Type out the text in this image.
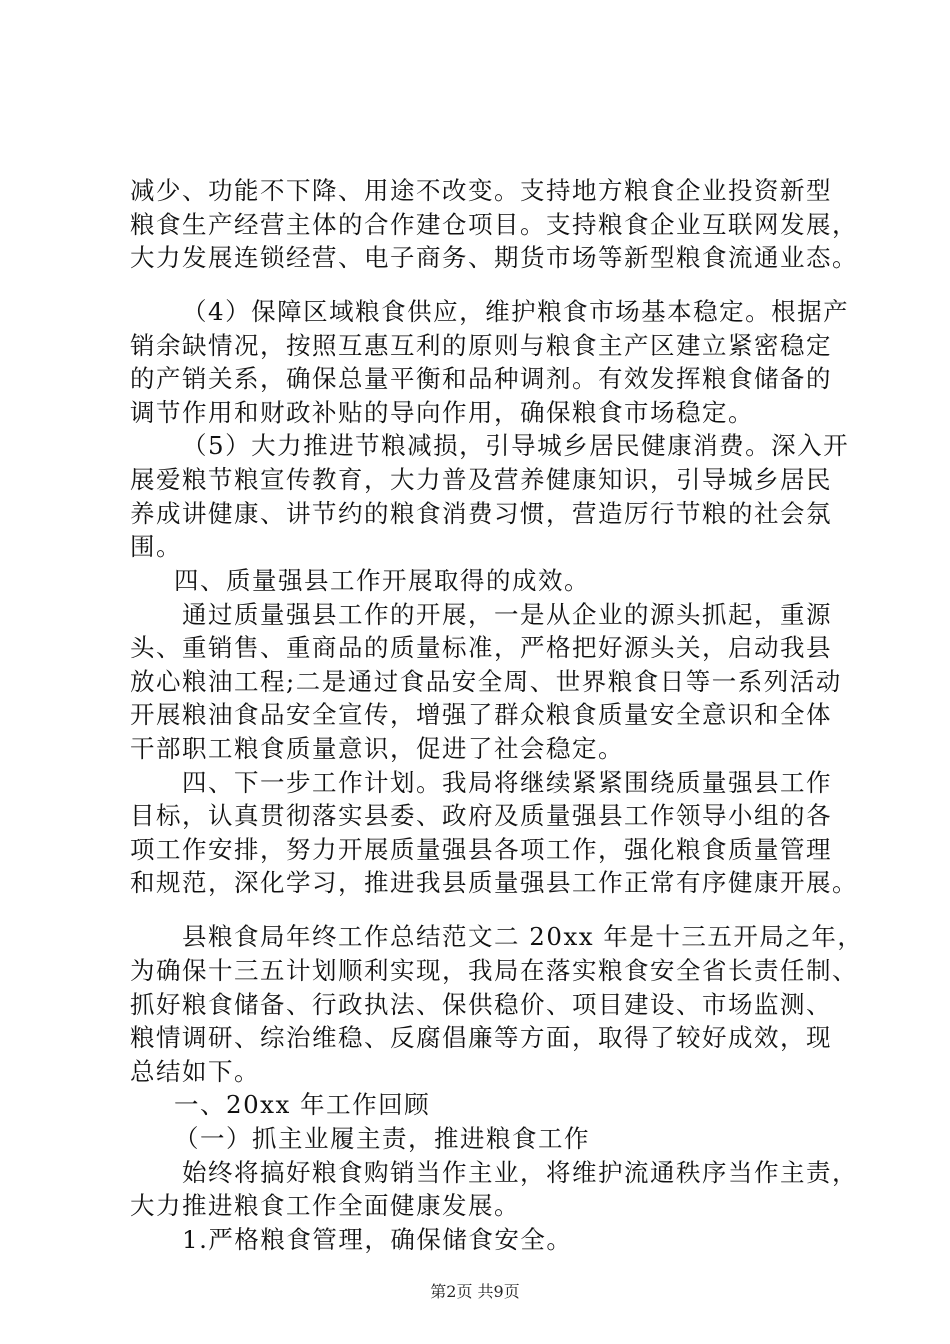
减少、功能不下降、用途不改变。支持地方粮食企业投资新型
粮食生产经营主体的合作建仓项目。支持粮食企业互联网发展，
大力发展连锁经营、电子商务、期货市场等新型粮食流通业态。
（4）保障区域粮食供应，维护粮食市场基本稳定。根据产
销余缺情况，按照互惠互利的原则与粮食主产区建立紧密稳定
的产销关系，确保总量平衡和品种调剂。有效发挥粮食储备的
调节作用和财政补贴的导向作用，确保粮食市场稳定。
（5）大力推进节粮减损，引导城乡居民健康消费。深入开
展爱粮节粮宣传教育，大力普及营养健康知识，引导城乡居民
养成讲健康、讲节约的粮食消费习惯，营造厉行节粮的社会氛
围。
四、质量强县工作开展取得的成效。
通过质量强县工作的开展，一是从企业的源头抓起，重源
头、重销售、重商品的质量标准，严格把好源头关，启动我县
放心粮油工程;二是通过食品安全周、世界粮食日等一系列活动
开展粮油食品安全宣传，增强了群众粮食质量安全意识和全体
干部职工粮食质量意识，促进了社会稳定。
四、下一步工作计划。我局将继续紧紧围绕质量强县工作
目标，认真贯彻落实县委、政府及质量强县工作领导小组的各
项工作安排，努力开展质量强县各项工作，强化粮食质量管理
和规范，深化学习，推进我县质量强县工作正常有序健康开展。
县粮食局年终工作总结范文二 20xx 年是十三五开局之年，
为确保十三五计划顺利实现，我局在落实粮食安全省长责任制、
抓好粮食储备、行政执法、保供稳价、项目建设、市场监测、
粮情调研、综治维稳、反腐倡廉等方面，取得了较好成效，现
总结如下。
一、20xx 年工作回顾
（一）抓主业履主责，推进粮食工作
始终将搞好粮食购销当作主业，将维护流通秩序当作主责，
大力推进粮食工作全面健康发展。
1.严格粮食管理，确保储食安全。
第2页 共9页
